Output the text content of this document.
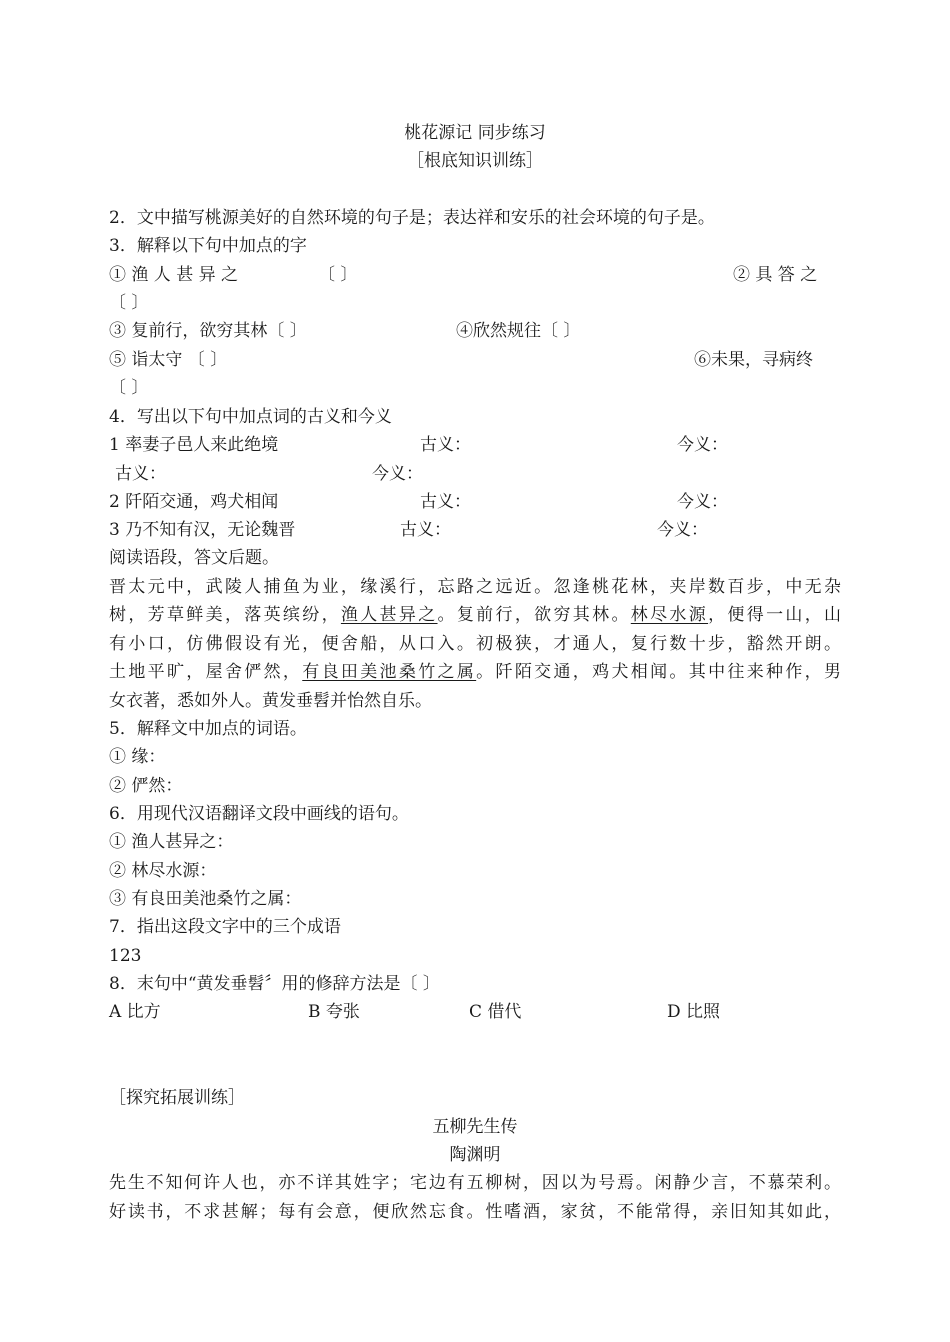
桃花源记 同步练习
［根底知识训练］
2．文中描写桃源美好的自然环境的句子是；表达祥和安乐的社会环境的句子是。
3．解释以下句中加点的字
① 渔 人 甚 异 之	〔 〕	② 具 答 之
〔 〕
③ 复前行，欲穷其林〔 〕	④欣然规往〔 〕
⑤ 诣太守 〔 〕	⑥未果，寻病终
〔 〕
4．写出以下句中加点词的古义和今义
1 率妻子邑人来此绝境	古义：	今义：
古义：	今义：
2 阡陌交通，鸡犬相闻	古义：	今义：
3 乃不知有汉，无论魏晋	古义：	今义：
阅读语段，答文后题。
晋太元中，武陵人捕鱼为业，缘溪行，忘路之远近。忽逢桃花林，夹岸数百步，中无杂
树，芳草鲜美，落英缤纷，渔人甚异之。复前行，欲穷其林。林尽水源，便得一山，山
有小口，仿佛假设有光，便舍船，从口入。初极狭，才通人，复行数十步，豁然开朗。
土地平旷，屋舍俨然，有良田美池桑竹之属。阡陌交通，鸡犬相闻。其中往来种作，男
女衣著，悉如外人。黄发垂髫并怡然自乐。
5．解释文中加点的词语。
① 缘：
② 俨然：
6．用现代汉语翻译文段中画线的语句。
① 渔人甚异之：
② 林尽水源：
③ 有良田美池桑竹之属：
7．指出这段文字中的三个成语
123
8．末句中“黄发垂髫〞用的修辞方法是〔 〕
A 比方	B 夸张	C 借代	D 比照
［探究拓展训练］
五柳先生传
陶渊明
先生不知何许人也，亦不详其姓字；宅边有五柳树，因以为号焉。闲静少言，不慕荣利。
好读书，不求甚解；每有会意，便欣然忘食。性嗜酒，家贫，不能常得，亲旧知其如此，
